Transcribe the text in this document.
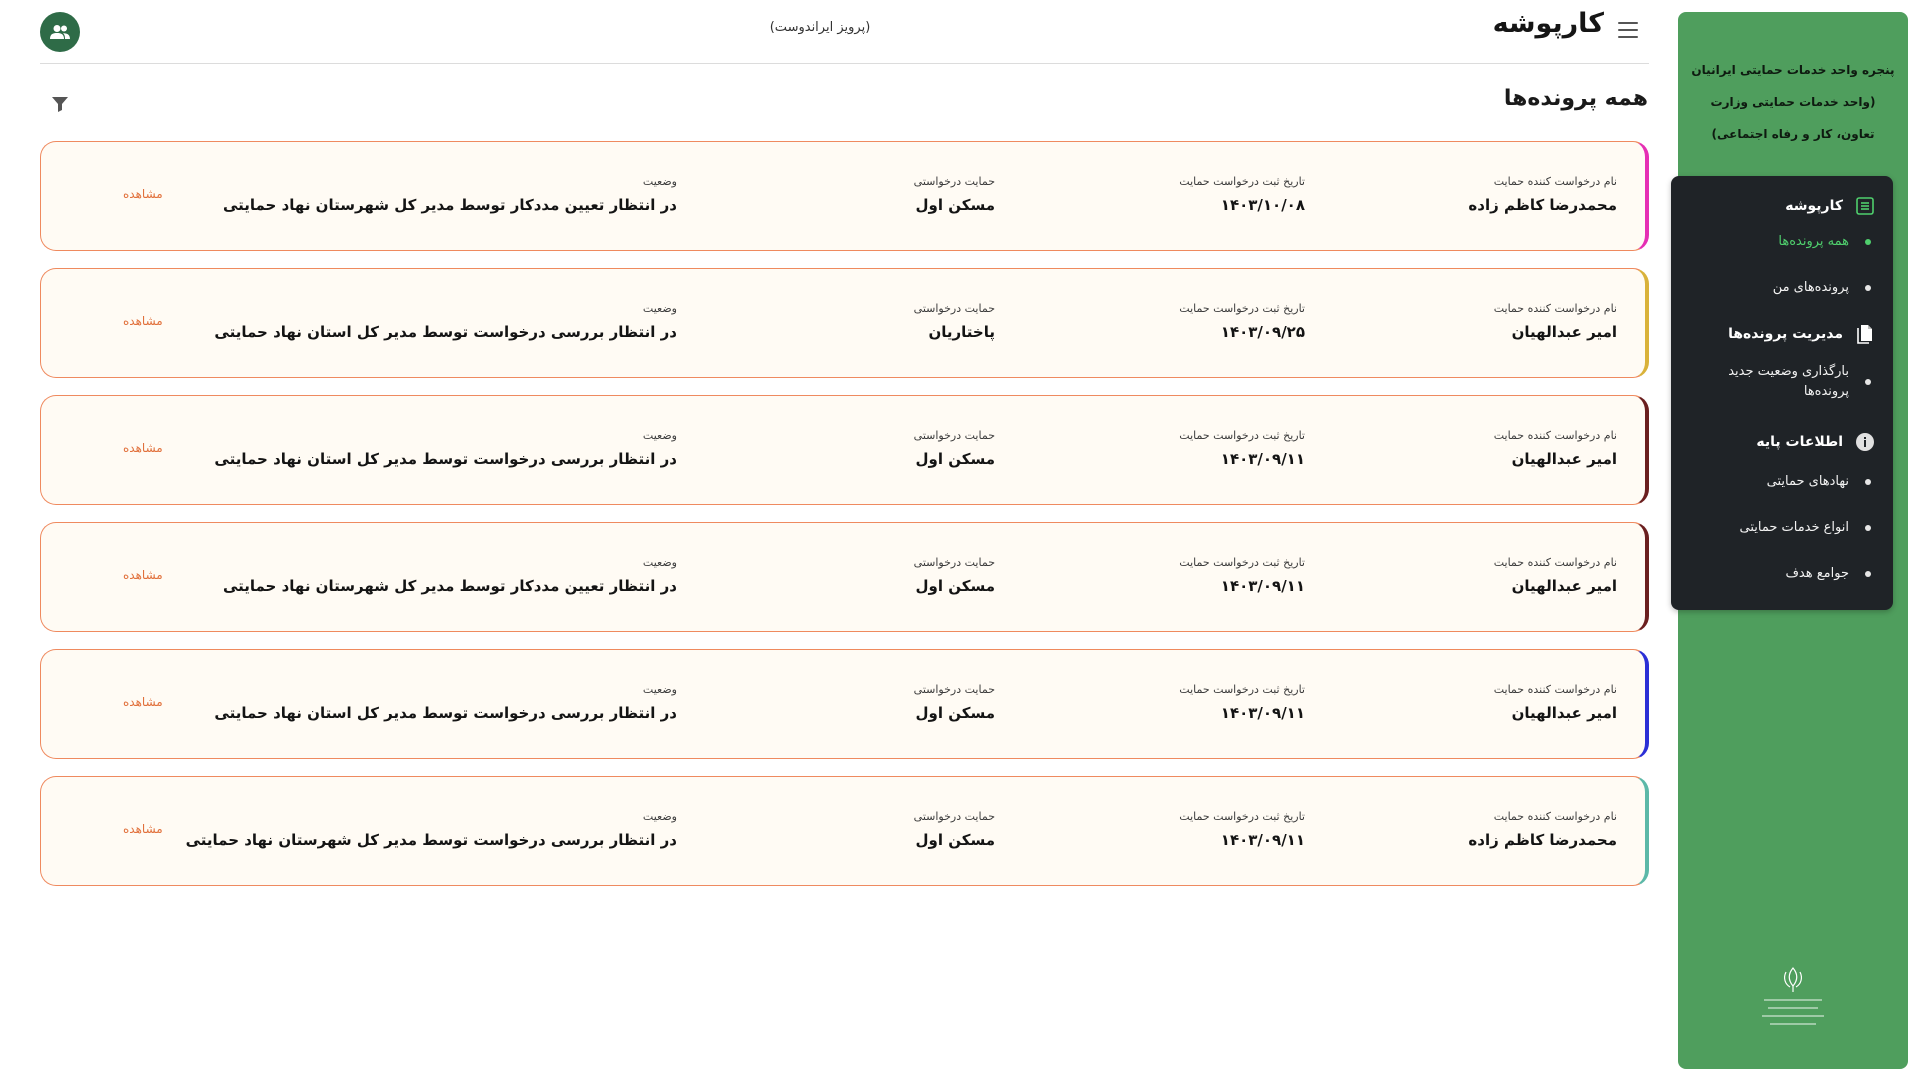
پنجره واحد خدمات حمایتی ایرانیان
(واحد خدمات حمایتی وزارت
تعاون، کار و رفاه اجتماعی)
کارپوشه
همه پرونده‌ها
پرونده‌های من
مدیریت پرونده‌ها
بارگذاری وضعیت جدید پرونده‌ها
اطلاعات پایه
نهادهای حمایتی
انواع خدمات حمایتی
جوامع هدف
کارپوشه
(پرویز ایراندوست)
همه پرونده‌ها
نام درخواست کننده حمایت
محمدرضا کاظم زاده
تاریخ ثبت درخواست حمایت
۱۴۰۳/۱۰/۰۸
حمایت درخواستی
مسکن اول
وضعیت
در انتظار تعیین مددکار توسط مدیر کل شهرستان نهاد حمایتی
مشاهده
نام درخواست کننده حمایت
امیر عبدالهیان
تاریخ ثبت درخواست حمایت
۱۴۰۳/۰۹/۲۵
حمایت درخواستی
پاختاریان
وضعیت
در انتظار بررسی درخواست توسط مدیر کل استان نهاد حمایتی
مشاهده
نام درخواست کننده حمایت
امیر عبدالهیان
تاریخ ثبت درخواست حمایت
۱۴۰۳/۰۹/۱۱
حمایت درخواستی
مسکن اول
وضعیت
در انتظار بررسی درخواست توسط مدیر کل استان نهاد حمایتی
مشاهده
نام درخواست کننده حمایت
امیر عبدالهیان
تاریخ ثبت درخواست حمایت
۱۴۰۳/۰۹/۱۱
حمایت درخواستی
مسکن اول
وضعیت
در انتظار تعیین مددکار توسط مدیر کل شهرستان نهاد حمایتی
مشاهده
نام درخواست کننده حمایت
امیر عبدالهیان
تاریخ ثبت درخواست حمایت
۱۴۰۳/۰۹/۱۱
حمایت درخواستی
مسکن اول
وضعیت
در انتظار بررسی درخواست توسط مدیر کل استان نهاد حمایتی
مشاهده
نام درخواست کننده حمایت
محمدرضا کاظم زاده
تاریخ ثبت درخواست حمایت
۱۴۰۳/۰۹/۱۱
حمایت درخواستی
مسکن اول
وضعیت
در انتظار بررسی درخواست توسط مدیر کل شهرستان نهاد حمایتی
مشاهده
